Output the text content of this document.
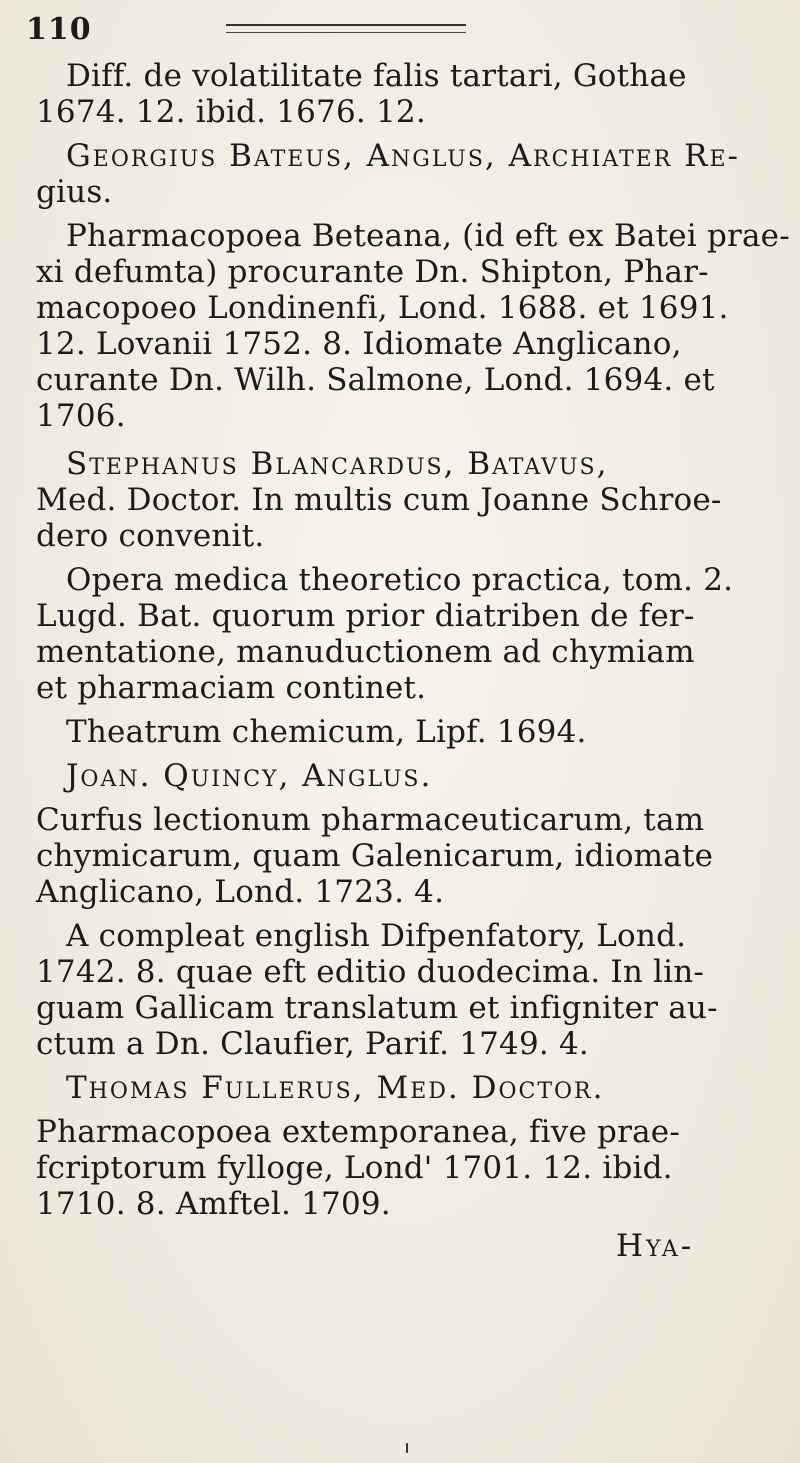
110
Diff. de volatilitate falis tartari, Gothae
1674. 12. ibid. 1676. 12.
Georgius Bateus, Anglus, Archiater Re-
gius.
Pharmacopoea Beteana, (id eft ex Batei prae-
xi defumta) procurante Dn. Shipton, Phar-
macopoeo Londinenfi, Lond. 1688. et 1691.
12. Lovanii 1752. 8. Idiomate Anglicano,
curante Dn. Wilh. Salmone, Lond. 1694. et
1706.
Stephanus Blancardus, Batavus,
Med. Doctor. In multis cum Joanne Schroe-
dero convenit.
Opera medica theoretico practica, tom. 2.
Lugd. Bat. quorum prior diatriben de fer-
mentatione, manuductionem ad chymiam
et pharmaciam continet.
Theatrum chemicum, Lipf. 1694.
Joan. Quincy, Anglus.
Curfus lectionum pharmaceuticarum, tam
chymicarum, quam Galenicarum, idiomate
Anglicano, Lond. 1723. 4.
A compleat english Difpenfatory, Lond.
1742. 8. quae eft editio duodecima. In lin-
guam Gallicam translatum et infigniter au-
ctum a Dn. Claufier, Parif. 1749. 4.
Thomas Fullerus, Med. Doctor.
Pharmacopoea extemporanea, five prae-
fcriptorum fylloge, Lond' 1701. 12. ibid.
1710. 8. Amftel. 1709.
Hya-
